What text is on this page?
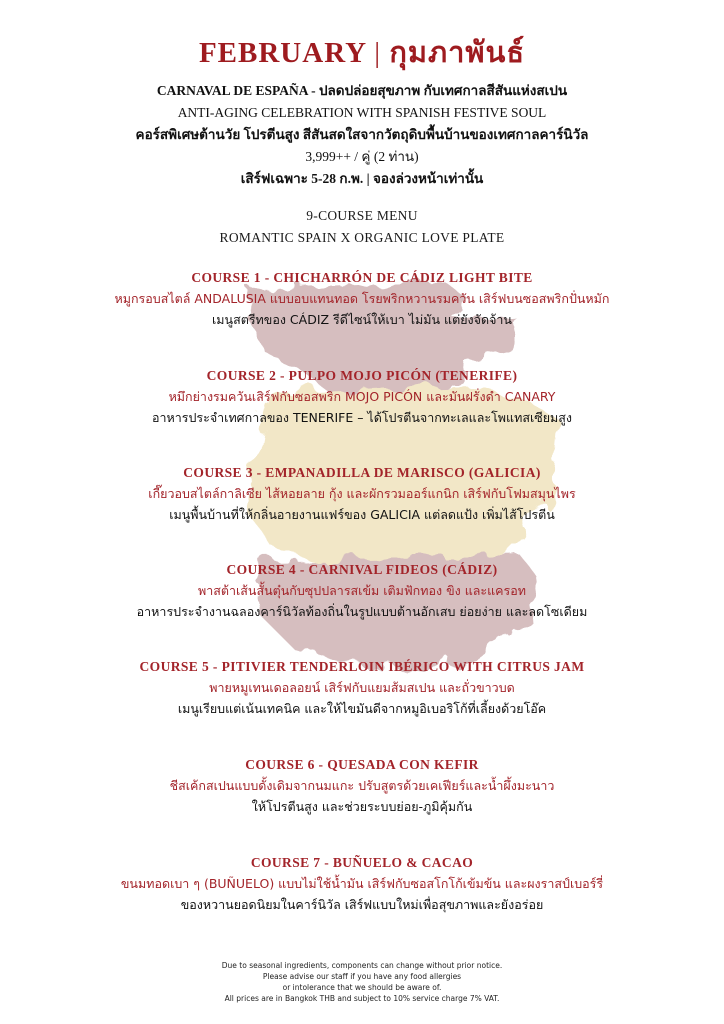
FEBRUARY | กุมภาพันธ์
CARNAVAL DE ESPAÑA - ปลดปล่อยสุขภาพ กับเทศกาลสีสันแห่งสเปน
ANTI-AGING CELEBRATION WITH SPANISH FESTIVE SOUL
คอร์สพิเศษต้านวัย โปรตีนสูง สีสันสดใสจากวัตถุดิบพื้นบ้านของเทศกาลคาร์นิวัล
3,999++ / คู่ (2 ท่าน)
เสิร์ฟเฉพาะ 5-28 ก.พ. | จองล่วงหน้าเท่านั้น
9-COURSE MENU
ROMANTIC SPAIN X ORGANIC LOVE PLATE
COURSE 1 - CHICHARRÓN DE CÁDIZ LIGHT BITE
หมูกรอบสไตล์ ANDALUSIA แบบอบแทนทอด โรยพริกหวานรมควัน เสิร์ฟบนซอสพริกปั่นหมัก
เมนูสตรีทของ CÁDIZ รีดีไซน์ให้เบา ไม่มัน แต่ยังจัดจ้าน
COURSE 2 - PULPO MOJO PICÓN (TENERIFE)
หมึกย่างรมควันเสิร์ฟกับซอสพริก MOJO PICÓN และมันฝรั่งดำ CANARY
อาหารประจำเทศกาลของ TENERIFE – ได้โปรตีนจากทะเลและโพแทสเซียมสูง
COURSE 3 - EMPANADILLA DE MARISCO (GALICIA)
เกี๊ยวอบสไตล์กาลิเซีย ไส้หอยลาย กุ้ง และผักรวมออร์แกนิก เสิร์ฟกับโฟมสมุนไพร
เมนูพื้นบ้านที่ให้กลิ่นอายงานแฟร์ของ GALICIA แต่ลดแป้ง เพิ่มไส้โปรตีน
COURSE 4 - CARNIVAL FIDEOS (CÁDIZ)
พาสต้าเส้นสั้นตุ๋นกับซุปปลารสเข้ม เติมฟักทอง ขิง และแครอท
อาหารประจำงานฉลองคาร์นิวัลท้องถิ่นในรูปแบบต้านอักเสบ ย่อยง่าย และลดโซเดียม
COURSE 5 - PITIVIER TENDERLOIN IBÉRICO WITH CITRUS JAM
พายหมูเทนเดอลอยน์ เสิร์ฟกับแยมส้มสเปน และถั่วขาวบด
เมนูเรียบแต่เน้นเทคนิค และให้ไขมันดีจากหมูอิเบอริโก้ที่เลี้ยงด้วยโอ๊ค
COURSE 6 - QUESADA CON KEFIR
ชีสเค้กสเปนแบบดั้งเดิมจากนมแกะ ปรับสูตรด้วยเคเฟียร์และน้ำผึ้งมะนาว
ให้โปรตีนสูง และช่วยระบบย่อย-ภูมิคุ้มกัน
COURSE 7 - BUÑUELO & CACAO
ขนมทอดเบา ๆ (BUÑUELO) แบบไม่ใช้น้ำมัน เสิร์ฟกับซอสโกโก้เข้มข้น และผงราสป์เบอร์รี่
ของหวานยอดนิยมในคาร์นิวัล เสิร์ฟแบบใหม่เพื่อสุขภาพและยังอร่อย
Due to seasonal ingredients, components can change without prior notice.
Please advise our staff if you have any food allergies
or intolerance that we should be aware of.
All prices are in Bangkok THB and subject to 10% service charge 7% VAT.
